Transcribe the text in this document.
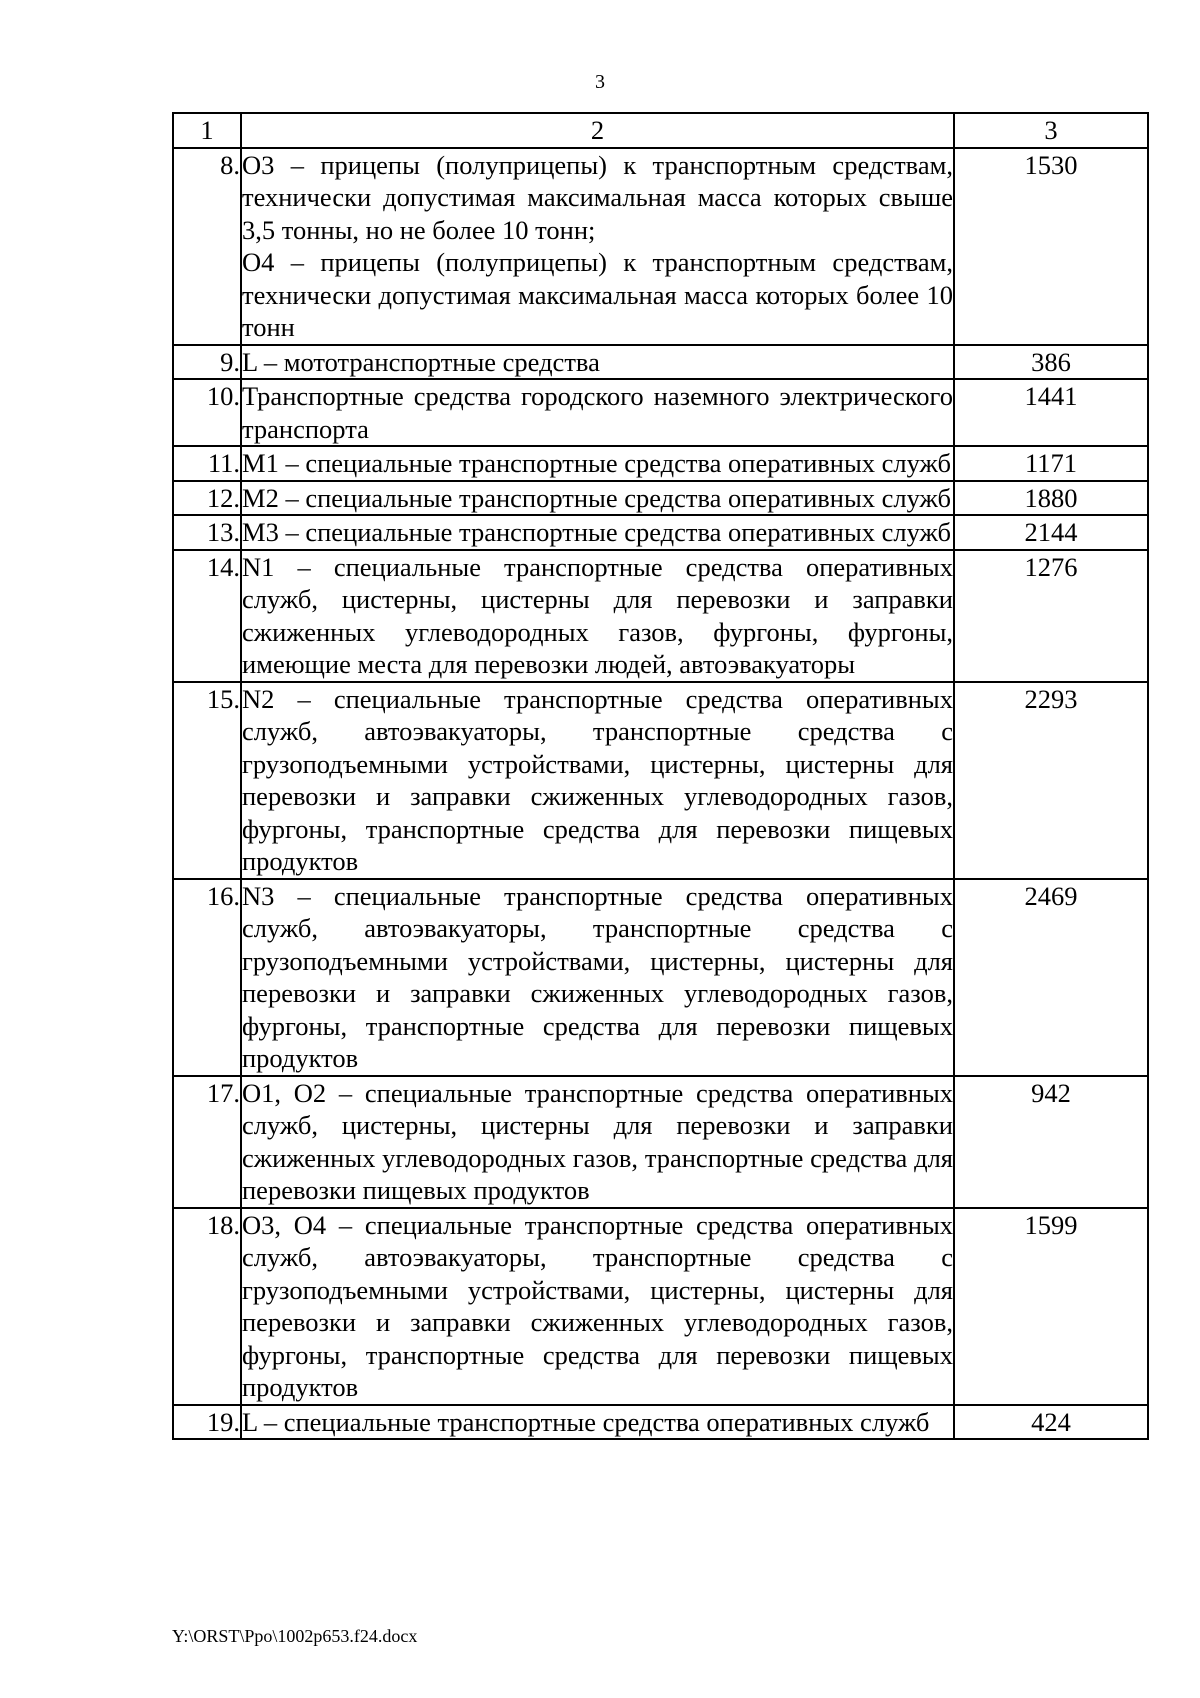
3
1	2	3
8.	O3 – прицепы (полуприцепы) к транспортным средствам, технически допустимая максимальная масса которых свыше 3,5 тонны, но не более 10 тонн;

O4 – прицепы (полуприцепы) к транспортным средствам, технически допустимая максимальная масса которых более 10 тонн	1530
9.	L – мототранспортные средства	386
10.	Транспортные средства городского наземного электрического транспорта	1441
11.	M1 – специальные транспортные средства оперативных служб	1171
12.	M2 – специальные транспортные средства оперативных служб	1880
13.	M3 – специальные транспортные средства оперативных служб	2144
14.	N1 – специальные транспортные средства оперативных служб, цистерны, цистерны для перевозки и заправки сжиженных углеводородных газов, фургоны, фургоны, имеющие места для перевозки людей, автоэвакуаторы	1276
15.	N2 – специальные транспортные средства оперативных служб, автоэвакуаторы, транспортные средства с грузоподъемными устройствами, цистерны, цистерны для перевозки и заправки сжиженных углеводородных газов, фургоны, транспортные средства для перевозки пищевых продуктов	2293
16.	N3 – специальные транспортные средства оперативных служб, автоэвакуаторы, транспортные средства с грузоподъемными устройствами, цистерны, цистерны для перевозки и заправки сжиженных углеводородных газов, фургоны, транспортные средства для перевозки пищевых продуктов	2469
17.	O1, O2 – специальные транспортные средства оперативных служб, цистерны, цистерны для перевозки и заправки сжиженных углеводородных газов, транспортные средства для перевозки пищевых продуктов	942
18.	O3, O4 – специальные транспортные средства оперативных служб, автоэвакуаторы, транспортные средства с грузоподъемными устройствами, цистерны, цистерны для перевозки и заправки сжиженных углеводородных газов, фургоны, транспортные средства для перевозки пищевых продуктов	1599
19.	L – специальные транспортные средства оперативных служб	424
Y:\ORST\Ppo\1002p653.f24.docx
